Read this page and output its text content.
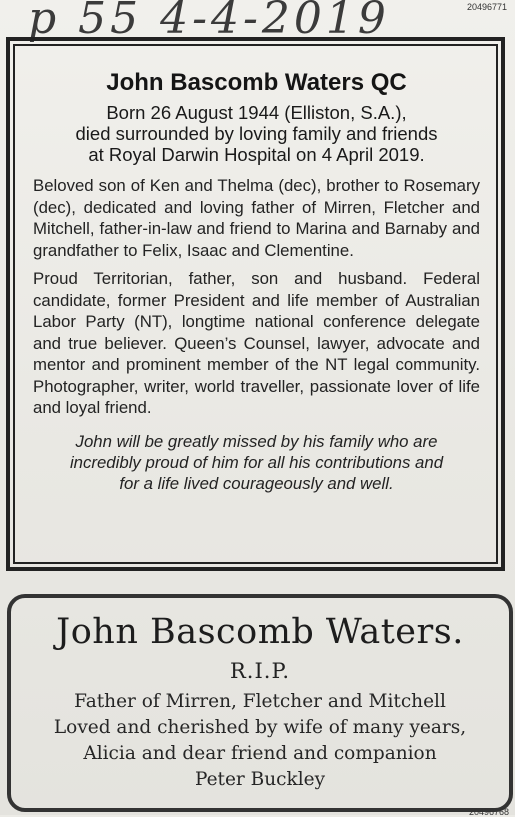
p 55 4-4-2019	20496771
John Bascomb Waters QC
Born 26 August 1944 (Elliston, S.A.),
died surrounded by loving family and friends
at Royal Darwin Hospital on 4 April 2019.

Beloved son of Ken and Thelma (dec), brother to Rosemary (dec), dedicated and loving father of Mirren, Fletcher and Mitchell, father-in-law and friend to Marina and Barnaby and grandfather to Felix, Isaac and Clementine.

Proud Territorian, father, son and husband. Federal candidate, former President and life member of Australian Labor Party (NT), longtime national conference delegate and true believer. Queen’s Counsel, lawyer, advocate and mentor and prominent member of the NT legal community. Photographer, writer, world traveller, passionate lover of life and loyal friend.

John will be greatly missed by his family who are
incredibly proud of him for all his contributions and
for a life lived courageously and well.
John Bascomb Waters.
R.I.P.

Father of Mirren, Fletcher and Mitchell

Loved and cherished by wife of many years,

Alicia and dear friend and companion

Peter Buckley

20496768
